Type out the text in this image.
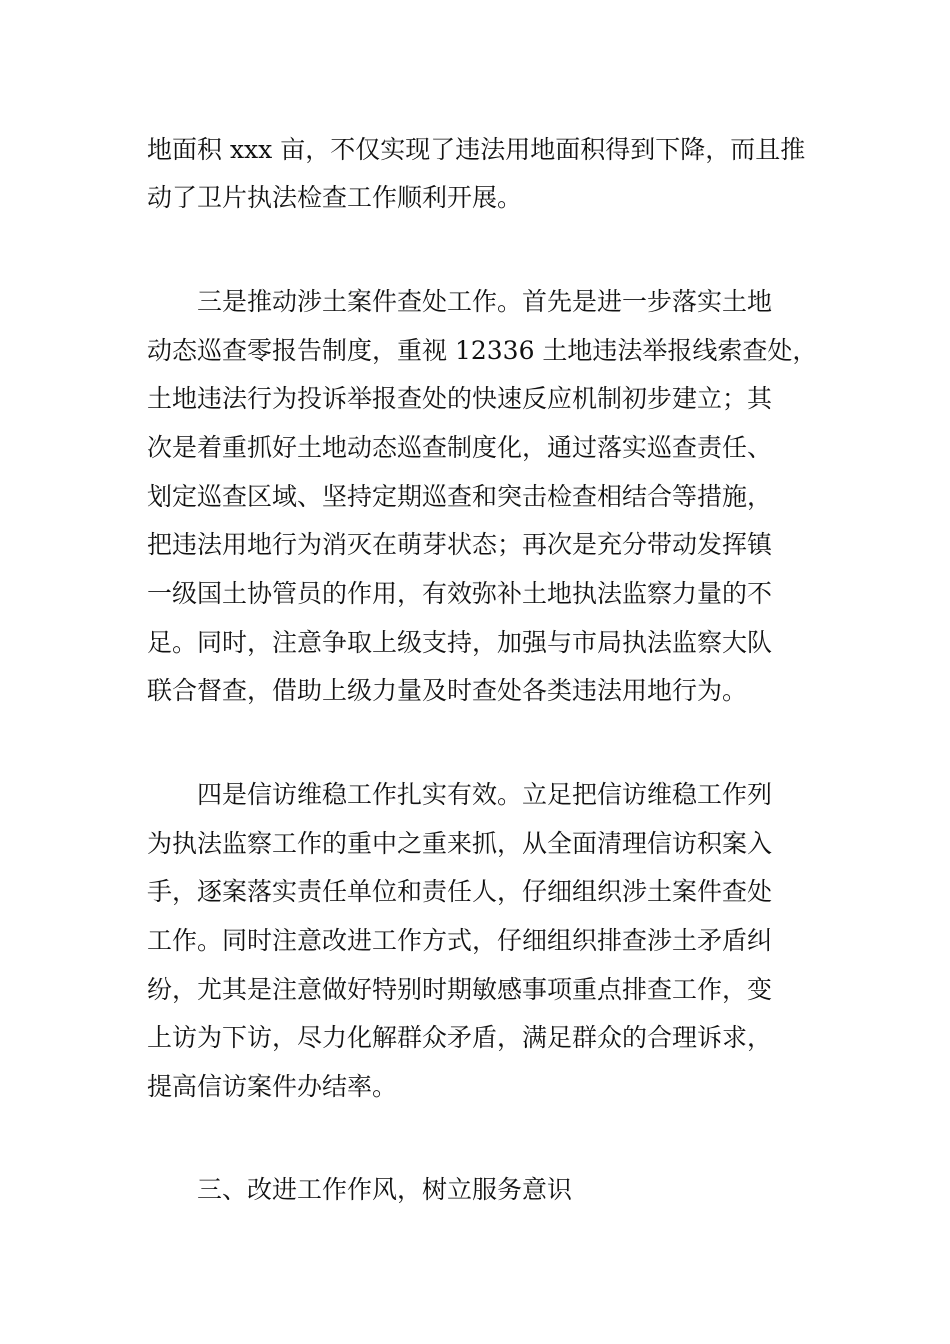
地面积 xxx 亩，不仅实现了违法用地面积得到下降，而且推
动了卫片执法检查工作顺利开展。
三是推动涉土案件查处工作。首先是进一步落实土地
动态巡查零报告制度，重视 12336 土地违法举报线索查处，
土地违法行为投诉举报查处的快速反应机制初步建立；其
次是着重抓好土地动态巡查制度化，通过落实巡查责任、
划定巡查区域、坚持定期巡查和突击检查相结合等措施，
把违法用地行为消灭在萌芽状态；再次是充分带动发挥镇
一级国土协管员的作用，有效弥补土地执法监察力量的不
足。同时，注意争取上级支持，加强与市局执法监察大队
联合督查，借助上级力量及时查处各类违法用地行为。
四是信访维稳工作扎实有效。立足把信访维稳工作列
为执法监察工作的重中之重来抓，从全面清理信访积案入
手，逐案落实责任单位和责任人，仔细组织涉土案件查处
工作。同时注意改进工作方式，仔细组织排查涉土矛盾纠
纷，尤其是注意做好特别时期敏感事项重点排查工作，变
上访为下访，尽力化解群众矛盾，满足群众的合理诉求，
提高信访案件办结率。
三、改进工作作风，树立服务意识
